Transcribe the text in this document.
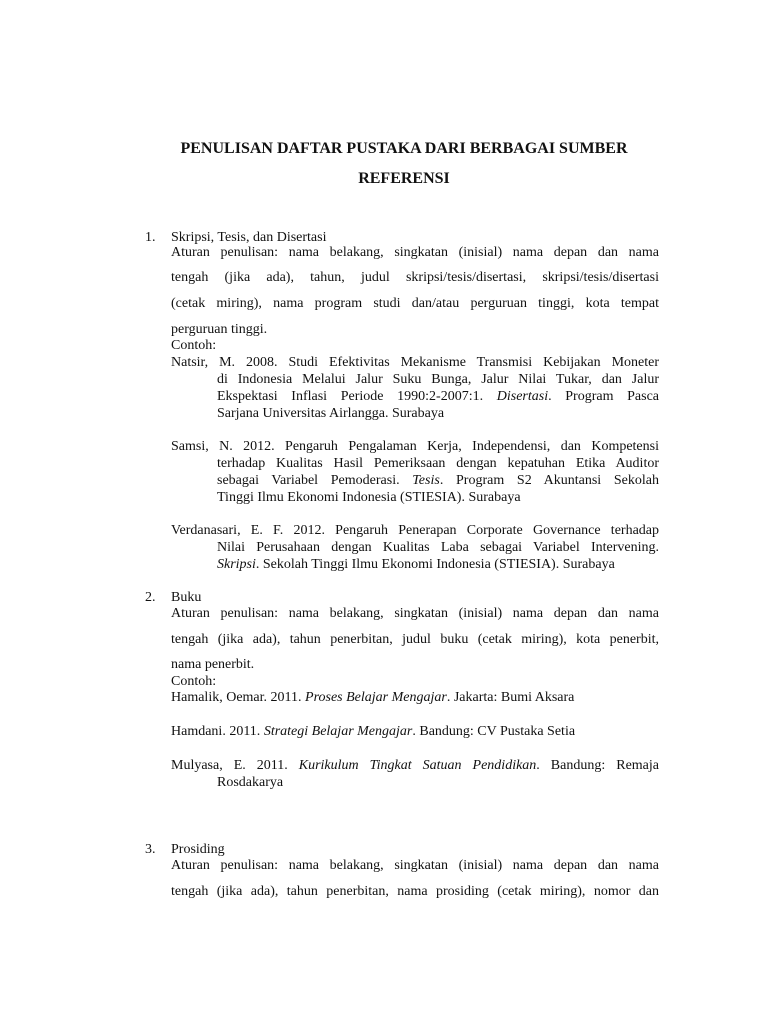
PENULISAN DAFTAR PUSTAKA DARI BERBAGAI SUMBER
REFERENSI
1. Skripsi, Tesis, dan Disertasi
Aturan penulisan: nama belakang, singkatan (inisial) nama depan dan nama
tengah (jika ada), tahun, judul skripsi/tesis/disertasi, skripsi/tesis/disertasi
(cetak miring), nama program studi dan/atau perguruan tinggi, kota tempat
perguruan tinggi.
Contoh:
Natsir, M. 2008. Studi Efektivitas Mekanisme Transmisi Kebijakan Moneter
di Indonesia Melalui Jalur Suku Bunga, Jalur Nilai Tukar, dan Jalur
Ekspektasi Inflasi Periode 1990:2-2007:1. Disertasi. Program Pasca
Sarjana Universitas Airlangga. Surabaya
Samsi, N. 2012. Pengaruh Pengalaman Kerja, Independensi, dan Kompetensi
terhadap Kualitas Hasil Pemeriksaan dengan kepatuhan Etika Auditor
sebagai Variabel Pemoderasi. Tesis. Program S2 Akuntansi Sekolah
Tinggi Ilmu Ekonomi Indonesia (STIESIA). Surabaya
Verdanasari, E. F. 2012. Pengaruh Penerapan Corporate Governance terhadap
Nilai Perusahaan dengan Kualitas Laba sebagai Variabel Intervening.
Skripsi. Sekolah Tinggi Ilmu Ekonomi Indonesia (STIESIA). Surabaya
2. Buku
Aturan penulisan: nama belakang, singkatan (inisial) nama depan dan nama
tengah (jika ada), tahun penerbitan, judul buku (cetak miring), kota penerbit,
nama penerbit.
Contoh:
Hamalik, Oemar. 2011. Proses Belajar Mengajar. Jakarta: Bumi Aksara
Hamdani. 2011. Strategi Belajar Mengajar. Bandung: CV Pustaka Setia
Mulyasa, E. 2011. Kurikulum Tingkat Satuan Pendidikan. Bandung: Remaja
Rosdakarya
3. Prosiding
Aturan penulisan: nama belakang, singkatan (inisial) nama depan dan nama
tengah (jika ada), tahun penerbitan, nama prosiding (cetak miring), nomor dan
